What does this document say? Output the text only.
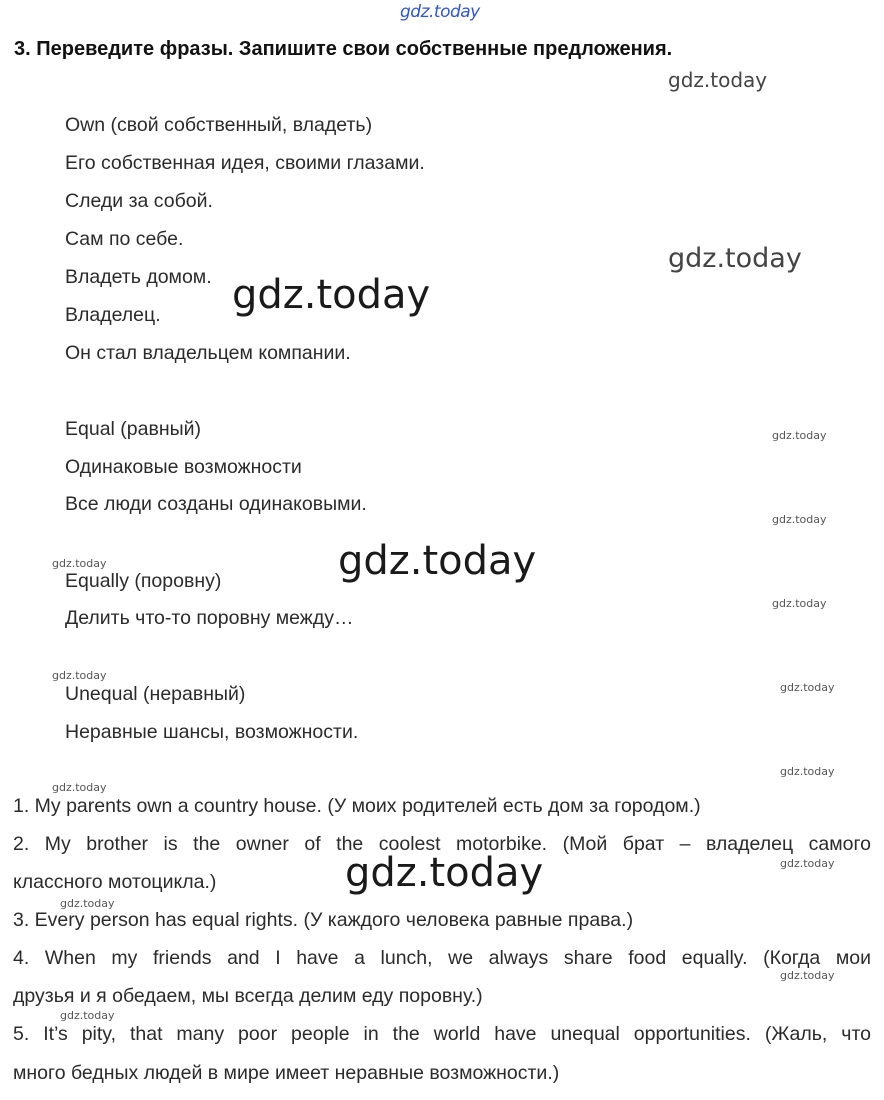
gdz.today
3. Переведите фразы. Запишите свои собственные предложения.
Own (свой собственный, владеть)
Его собственная идея, своими глазами.
Следи за собой.
Сам по себе.
Владеть домом.
Владелец.
Он стал владельцем компании.
Equal (равный)
Одинаковые возможности
Все люди созданы одинаковыми.
Equally (поровну)
Делить что-то поровну между…
Unequal (неравный)
Неравные шансы, возможности.
1. My parents own a country house. (У моих родителей есть дом за городом.)
2. My brother is the owner of the coolest motorbike. (Мой брат – владелец самого
классного мотоцикла.)
3. Every person has equal rights. (У каждого человека равные права.)
4. When my friends and I have a lunch, we always share food equally. (Когда мои
друзья и я обедаем, мы всегда делим еду поровну.)
5. It’s pity, that many poor people in the world have unequal opportunities. (Жаль, что
много бедных людей в мире имеет неравные возможности.)
gdz.today
gdz.today
gdz.today
gdz.today
gdz.today
gdz.today
gdz.today
gdz.today
gdz.today
gdz.today
gdz.today
gdz.today
gdz.today
gdz.today
gdz.today
gdz.today
gdz.today
